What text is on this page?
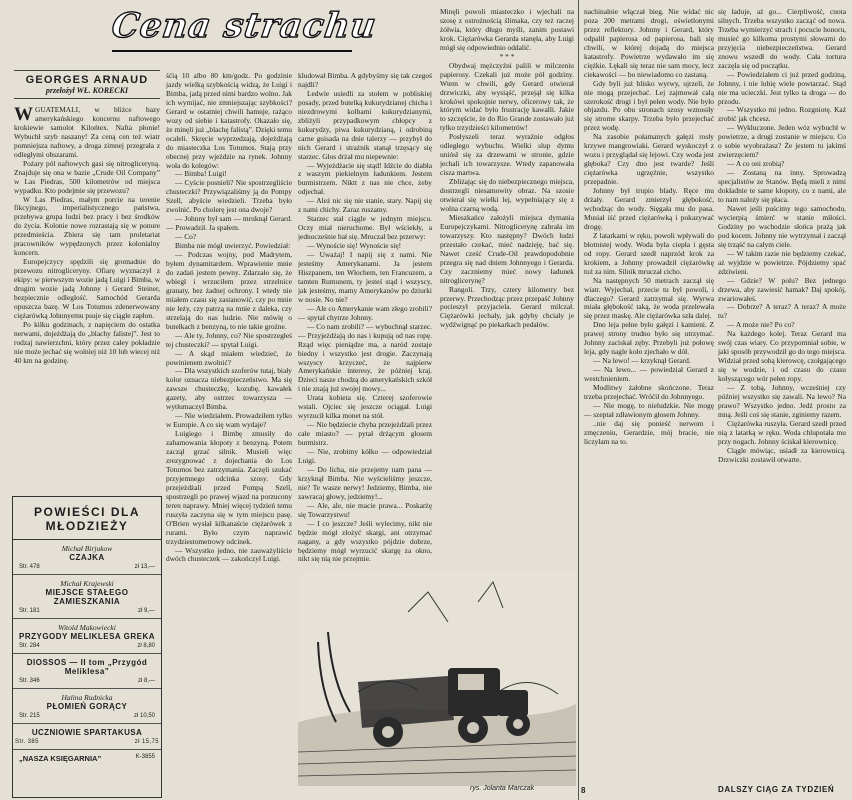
Cena strachu
GEORGES ARNAUD
przełożył WŁ. KORECKI

WGUATEMALI, w bliżce bazy amerykańskiego koncernu naftowego krokiewie samolot Kilońtex. Nafta płonie! Wybuchł szyb naszany! Za ceną cen też wiatr pomniejsza naftowy, a droga zimnej przegrała z odległymi obszarami.

Pożary pól naftowych gasi się nitrogliceryną. Znajduje się ona w bazie „Crude Oil Company” w Las Piedras, 500 kilometrów od miejsca wypadku. Kto podejmie się przewozu?

W Las Piedras, małym porcie na terenie fikcyjnego, imperialistycznego państwa, przebywa grupa ludzi bez pracy i bez środków do życia. Kolonie nowe rozrastają się w ponure przedmieścia. Zbiera się tam proletariat pracowników wypędzonych przez kolonialny koncern.

Europejczycy spędzili się gromadnie do przewozu nitrogliceryny. Ofiarę wyznaczył z ekipy: w pierwszym wozie jadą Luigi i Bimba, w drugim wozie jadą Johnny i Gerard Steiner, bezpiecznie odległość. Samochód Gerarda opuszcza bazę. W Los Totumos zdenerwowany ciężarówką Johnnyemu psuje się ciągle zapłon.

Po kilku godzinach, z napięciem do ostatka nerwami, dojeżdżają do „blachy falistej”. Jest to rodzaj nawierzchni, który przez całey pokładzie nie może jechać się wolniej niż 10 lub wiecej niż 40 km na godzinę.

POWIEŚCI DLA MŁODZIEŻY
Michał Birjukow
CZAJKA
Str. 478	zł 13,—
Michał Krajewski
MIEJSCE STAŁEGO ZAMIESZKANIA
Str. 181	zł 9,—
Witold Makowiecki
PRZYGODY MELIKLESA GREKA
Str. 284	zł 8,80
DIOSSOS — II tom „Przygód Meliklesa”
Str. 346	zł 8,—
Halina Rudnicka
PŁOMIEŃ GORĄCY
Str. 215	zł 10,50
UCZNIOWIE SPARTAKUSA
Str. 385	zł 15,75
„NASZA KSIĘGARNIA”	K-3855

śćią 10 albo 80 km/godz. Po godzinie jazdy wielką szybkością widzą, że Luigi i Bimba, jadą przed nimi bardzo wolno. Jak ich wymijać, nie zmniejszając szybkości? Gerard w ostatniej chwili hamuje, rażąco wozy od siebie i katastrofy. Okazało się, że minęli już „blachę falistą”. Dzięki temu ocaleli. Skręcie wyprzedzają, dojeżdżają do miasteczka Los Totumos. Stają przy obecnej przy wjeździe na rynek. Johnny woła do kolegów:

— Bimba! Luigi!

— Cyście posnieli? Nie spostrzegliście chusteczki? Przywiązaliśmy ją do Pompy Szell, abyście wiedzieli. Trzeba było zwolnić. Po cholerę jest ona dwoje?

— Johnny był sam — mruknął Gerard. — Prowadził. Ja spałem.

— Co?

Bimba nie mógł uwierzyć. Powiedział:

— Podczas wojny, pod Madrytem, byłem dynamitardem. Wprawienie mnie do zadań jestem pewny. Zdarzało się, że wbiegł i wrzuciłem przez strzelnice granaty, bez żadnej ochrony. I wtedy nie miałem czasu się zastanowić, czy po mnie nie leży, czy patrzą na mnie z daleka, czy strzelają do nas ludzie. Nie mówię o butelkach z benzyną, to nie takie groźne.

— Ale ty, Johnny, co? Nie spostrzegłeś tej chusteczki? — spytał Luigi.

— A skąd miałem wiedzieć, że powinienem zwolnić?

— Dla wszystkich szoferów tutaj, biały kolor oznacza niebezpieczeństwo. Ma się zawsze chusteczkę, kozubę, kawałek gazety, aby ostrzec towarzysza — wytłumaczył Bimba.

— Nie wiedziałem. Prowadziłem tylko w Europie. A co się wam wydaje?

Luigiego i Bimbę zmusiły do zahamowania kłopoty z benzyną. Potem zaczął grzać silnik. Musieli więc zrezygnować z dojechania do Los Totumos bez zatrzymania. Zaczęli szukać przyjemnego odcinka szosy. Gdy przejeżdżali przed Pompą Szell, spostrzegli po prawej wjazd na porzucony teren naprawy. Mniej więcej tydzień temu ruszyła zaczyna się w tym miejscu pasę. O'Brien wysłał kilkanaście ciężarówek z rurami. Było czym naprawić trzydziestometrowy odcinek.

— Wszystko jedno, nie zauważyliście dwóch chusteczek — zakończył Luigi.

kludował Bimba. A gdybyśmy się tak czegoś najdli?

Ledwie usiedli za stołem w pobliskiej posady, przed butelką kukurydzianej chicha i niezdrowymi kolbami kukurydzianymi, zbliżyli przypadkowym chłopcy z kukurydzy, piwa kukurydzianą, i odrobiną carne guisada na dnie talerzy — przybył do nich Gerard i strażnik stanął trzęsący się starzec. Głos drżał mu niepewnie:

— Wyjeżdżacie się stąd! Idźcie do diabła z waszym piekielnym ładunkiem. Jestem burmistrzem. Niktt z nas nie chce, żeby odjechał.

— Ależ nic się nie stanie, stary. Napij się z nami chichy. Zaraz ruszamy.

Starzec stał ciągle w jednym miejscu. Oczy miał nieruchome. Był wściekły, a jednocześnie bał się. Mruczał bez przerwy:

— Wynoście się! Wynoście się!

— Uważaj! I napij się z nami. Nie jesteśmy Amerykanami. Ja jestem Hiszpanem, ten Włochem, ten Francuzem, a tamten Rumunem, ty jesteś stąd i wszyscy, jak jesteśmy, mamy Amerykanów po dziurki w nosie. No nie?

— Ale co Amerykanie wam złego zrobili? — spytał chytrze Johnny.

— Co nam zrobili? — wybuchnął starzec. — Przyjeżdżają do nas i kupują od nas ropę. Rząd więc pieniądze ma, a naród zostaje biedny i wszystko jest drogie. Zaczynają wszyscy krzyczeć, że najpierw Amerykańskie interesy, że później kraj. Dzieci nasze chodzą do amerykańskich szkół i nie znają już swojej mowy...

Urata kobieta się. Czterej szoferowie wstali. Ojciec się jeszcze ociągał. Luigi wyrzucił kilka monet na stół.

— Nie będziecie chyba przejeżdżali przez całe miasto? — pytał drżącym głosem burmistrz.

— Nie, zrobimy kółko — odpowiedział Luigi.

— Do licha, nie przejemy nam pana — krzyknął Bimba. Nie wyścieliśmy jeszcze, nie? Te wasze nerwy! Jedziemy, Bimba, nie zawracaj głowy, jedziemy!...

— Ale, ale, nie macie prawa... Poskarżę się Towarzystwu!

— I co jeszcze? Jeśli wylecimy, nikt nie będzie mógł złożyć skargi, ani otrzymać nagany, a gdy wszystko pójdzie dobrze, będziemy mógł wyrzucić skargę za okno, nikt się nią nie przejmie.

Minęli powoli miasteczko i wjechali na szosę z ostrożnością ślimaka, czy też raczej żółwia, który długo myśli, zanim postawi krok. Ciężarówka Gerarda stanęła, aby Luigi mógł się odpowiednio oddalić.

* * *

Obydwaj mężczyźni palili w milczeniu papierosy. Czekali już może pół godziny. Wtem w chwili, gdy Gerard otwierał drzwiczki, aby wysiąść, przejął się kilka krokówi spokojnie nerwy, oficerowy tak, że którym widać było frustrację kawalli. Jakie to szczęście, że do Rio Grande zostawało już tylko trzydzieści kilometrów!

Posłyszeli teraz wyraźnie odgłos odległego wybuchu. Wielki slup dymu uniósł się za drzewami w stronie, gdzie jechali ich towarzysze. Wtedy zapanowała cisza martwa.

Zbliżając się do niebezpiecznego miejsca, dostrzegli niesamowity obraz. Na szosie otwierał się wielki lej, wypełniający się z wolna czarną wodą.

Mieszkańce założyli miejsca dymania Europejczykami. Nitroglicerynę zabrała im towarzyszy. Kto następny? Dwóch ludzi przestało czekać, mieć nadzieję, bać się. Nawet cześć Crude-Oil prawdopodobnie przegra się nad dniem Johnnyego i Gerarda. Czy zaczniemy mieć nowy ładunek nitroglicerynę?

Rangoli. Trzy, cztery kilometry bez przerwy. Przechodząc przez przepaść Johnny pocieszył przyjaciela. Gerard milczał. Ciężarówki jechały, jak gdyby chciały je wydźwignąć po piekarkach pedałów.

rys. Jolanta Marczak	8

nachinalnie włączał bieg. Nie widać nic poza 200 metrami drogi, oświetlonymi przez reflektory. Johnny i Gerard, który odpalił papierosa od papierosa, bali się chwili, w której dojadą do miejsca katastrofy. Powietrze wydawało im się ciężkie. Lękali się teraz nie sam mocy, lecz ciekawości — bo niewiadomo co zastaną.

Gdy byli już blisko wyrwy, ujrzeli, że nie mogą przejechać. Lej zajmował całą szerokość drogi i był pełen wody. Nie było objazdu. Po obu stronach szosy wznosiły się strome skarpy. Trzeba było przejechać przez wodę.

Na zasobie połamanych gałęzi rosły krzywe mangrowiaki. Gerard wyskoczył z wozu i przyglądał się lejowi. Czy woda jest głęboka? Czy dno jest twarde? Jeśli ciężarówka ugrzęźnie, wszystko przepadnie.

Johnny był trupio blady. Ręce mu drżały. Gerard zmierzył głębokość, wchodząc do wody. Sięgała mu do pasa. Musiał iść przed ciężarówką i pokazywać drogę.

Z latarkami w ręku, powoli wpływali do błotnistej wody. Woda była ciepła i gęsta od ropy. Gerard szedł naprzód krok za krokiem, a Johnny prowadził ciężarówkę tuż za nim. Silnik mruczał cicho.

Na następnych 50 metrach zaczął się wiatr. Wyjechał, przecie tu był powoli, i dlaczego? Gerard zatrzymał się. Wyrwa miała głębokość taką, że woda przelewała się przez maskę. Ale ciężarówka szła dalej.

Dno leja pełne było gałęzi i kamieni. Z prawej strony trudno było się utrzymać. Johnny zaciskał zęby. Przebyli już połowę leja, gdy nagle koło zjechało w dół.

— Na lewo! — krzyknął Gerard.

— Na lewo... — powiedział Gerard z westchnieniem.

Modlitwy żałobne skończone. Teraz trzeba przejechać. Wróćił do Johnnyego.

— Nie mogę, to nieludzkie. Nie mogę — szeptał zdławionym głosem Johnny.

..nie daj się ponieść nerwom i zmęczeniu, Gerardzie, mój bracie, nie liczyłam na to.

się ładuje, aż go... Cierpliwość, cnota silnych. Trzeba wszystko zacząć od nowa. Trzeba wymierzyć strach i pocucie honoru, musieć go kilkoma prostymi słowami do przyjęcia niebezpieczeństwa. Gerard znowu wszedł do wody. Cała tortura zaczęła się od początku.

— Powiedziałem ci już przed godziną, Johnny, i nie lubię wiele powtarzać. Stąd nie ma ucieczki. Jest tylko ta droga — do przodu.

— Wszystko mi jedno. Rozgniotę. Kaź zrobić jak chcesz.

— Wykluczone. Jeden wóz wybuchł w powietrze, a drugi zostanie w miejscu. Co o sobie wyobrażasz? Że jestem tu jakimś zwierzęciem?

— A co oni zrobią?

— Zostaną na inny. Sprowadzą specjalistów ze Stanów. Będą mieli z nimi dokładnie te same kłopoty, co z nami, ale to nam należy się płaca.

Nawet jeśli puścimy tego samochodu, wycierpią śmierć w stanie miłości. Godziny po wschodzie słońca prażą jak pod kocem. Johnny nie wytrzymał i zaczął się trząść na całym ciele.

— W takim razie nie będziemy czekać, aż wyjdzie w powietrze. Pójdziemy spać zdziwieni.

— Gdzie? W polu? Bez jednego drzewa, aby zawiesić hamak? Daj spokój, zwariowałeś.

— Dobrze? A teraz? A teraz? A może tu?

— A może nie? Po co?

Na każdego kolej. Teraz Gerard ma swój czas wiary. Co przypomniał sobie, w jaki sposób przywodził go do tego miejsca. Widział przed sobą kierowcę, czołgającego się w wodzie, i od czasu do czasu kołyszącego wór pełen ropy.

— Z tobą, Johnny, wcześniej czy później wszystko się zawali. Na lewo? Na prawo? Wszystko jedno. Jedź prosto za mną. Jeśli coś się stanie, zginiemy razem.

Ciężarówka ruszyła. Gerard szedł przed nią z latarką w ręku. Woda chlupotała mu przy nogach. Johnny ściskał kierownicę.

Ciągle mówiąc, usiadł za kierownicą. Drzwiczki zostawił otwarte.

DALSZY CIĄG ZA TYDZIEŃ
